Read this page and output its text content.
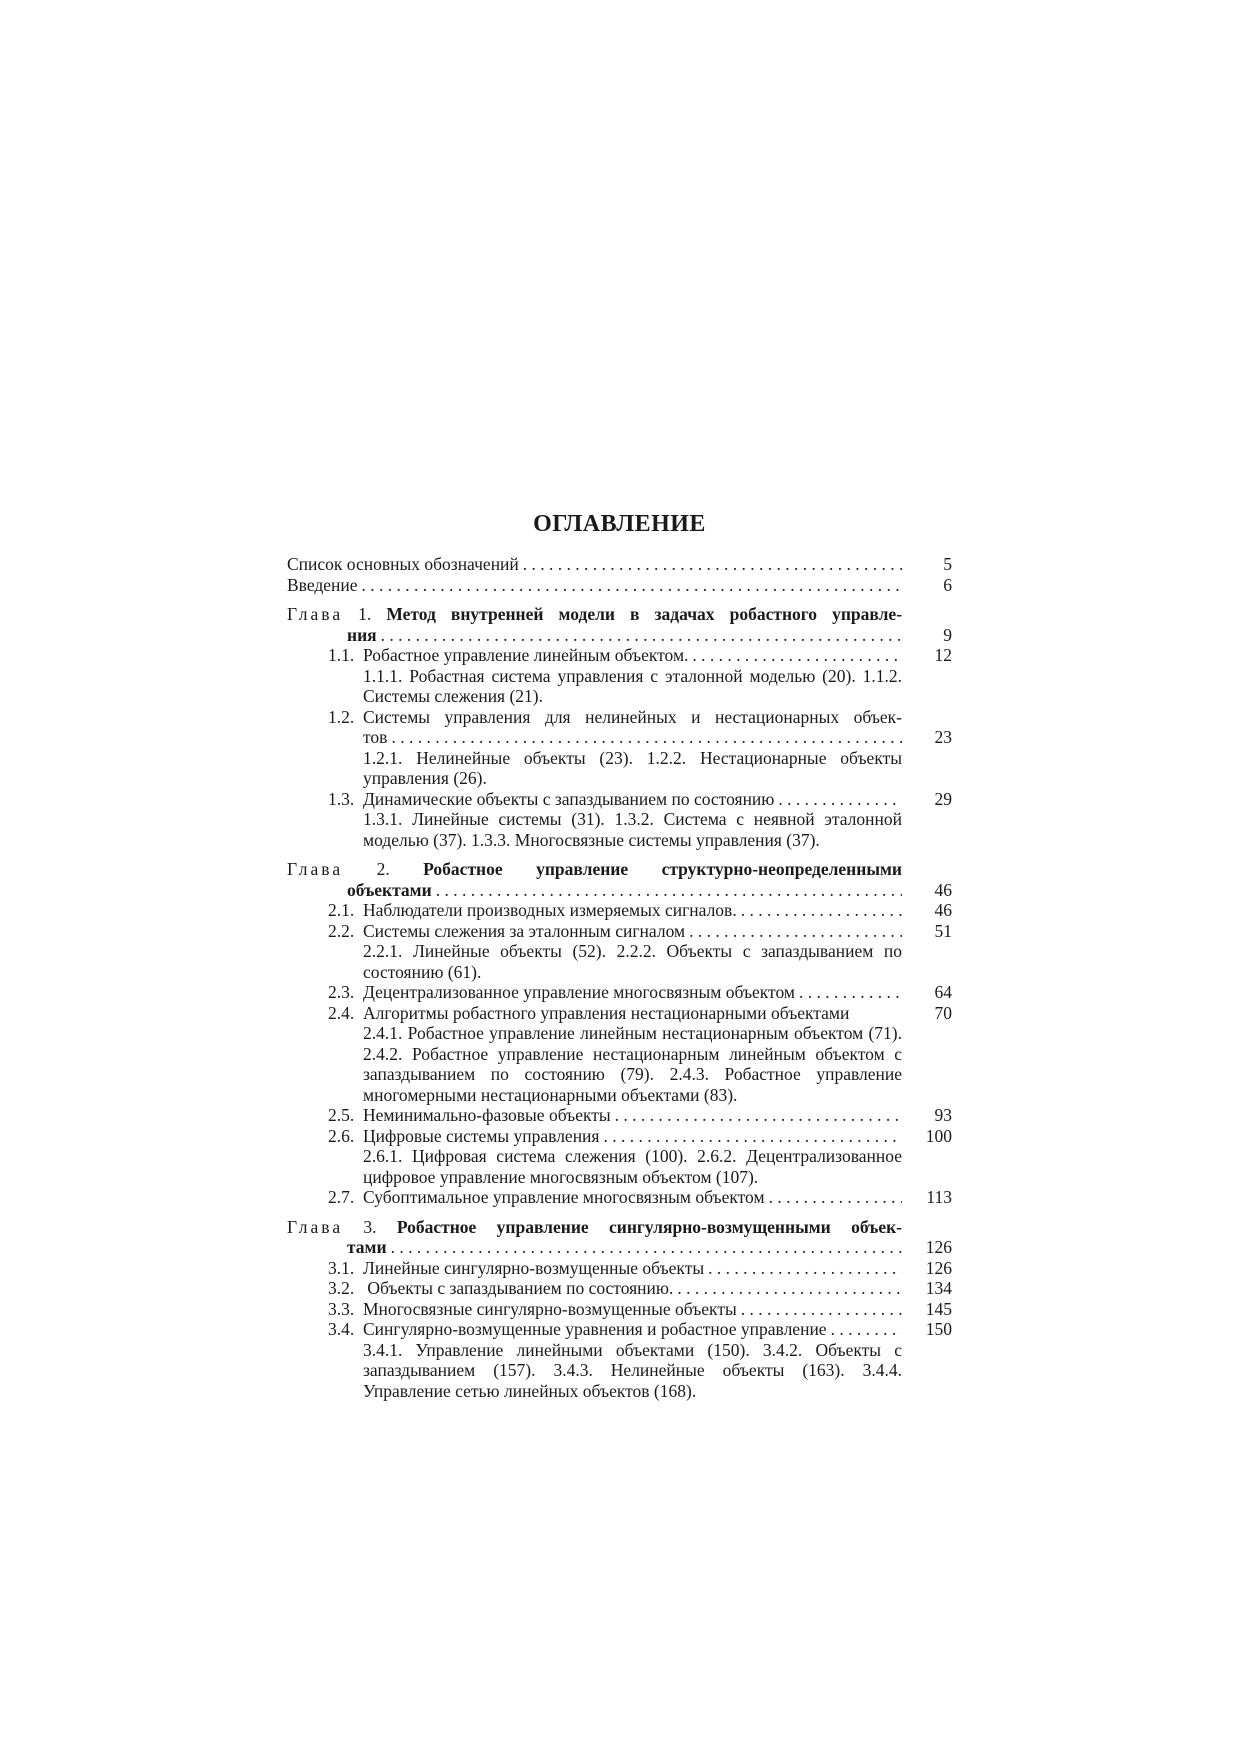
ОГЛАВЛЕНИЕ
Список основных обозначений . . .	5
Введение . . .	6
Глава 1. Метод внутренней модели в задачах робастного управле-
ния . . .	9
1.1. Робастное управление линейным объектом. . . .	12
1.1.1. Робастная система управления с эталонной моделью (20). 1.1.2. Системы слежения (21).
1.2. Системы управления для нелинейных и нестационарных объек-
тов . . .	23
1.2.1. Нелинейные объекты (23). 1.2.2. Нестационарные объекты управления (26).
1.3. Динамические объекты с запаздыванием по состоянию . . .	29
1.3.1. Линейные системы (31). 1.3.2. Система с неявной эталонной моделью (37). 1.3.3. Многосвязные системы управления (37).
Глава 2. Робастное управление структурно-неопределенными
объектами . . .	46
2.1. Наблюдатели производных измеряемых сигналов. . . .	46
2.2. Системы слежения за эталонным сигналом . . .	51
2.2.1. Линейные объекты (52). 2.2.2. Объекты с запаздыванием по состоянию (61).
2.3. Децентрализованное управление многосвязным объектом . . .	64
2.4. Алгоритмы робастного управления нестационарными объектами	70
2.4.1. Робастное управление линейным нестационарным объектом (71). 2.4.2. Робастное управление нестационарным линейным объектом с запаздыванием по состоянию (79). 2.4.3. Робастное управление многомерными нестационарными объектами (83).
2.5. Неминимально-фазовые объекты . . .	93
2.6. Цифровые системы управления . . .	100
2.6.1. Цифровая система слежения (100). 2.6.2. Децентрализованное цифровое управление многосвязным объектом (107).
2.7. Субоптимальное управление многосвязным объектом . . .	113
Глава 3. Робастное управление сингулярно-возмущенными объек-
тами . . .	126
3.1. Линейные сингулярно-возмущенные объекты . . .	126
3.2. Объекты с запаздыванием по состоянию. . . .	134
3.3. Многосвязные сингулярно-возмущенные объекты . . .	145
3.4. Сингулярно-возмущенные уравнения и робастное управление . . .	150
3.4.1. Управление линейными объектами (150). 3.4.2. Объекты с запаздыванием (157). 3.4.3. Нелинейные объекты (163). 3.4.4. Управление сетью линейных объектов (168).
